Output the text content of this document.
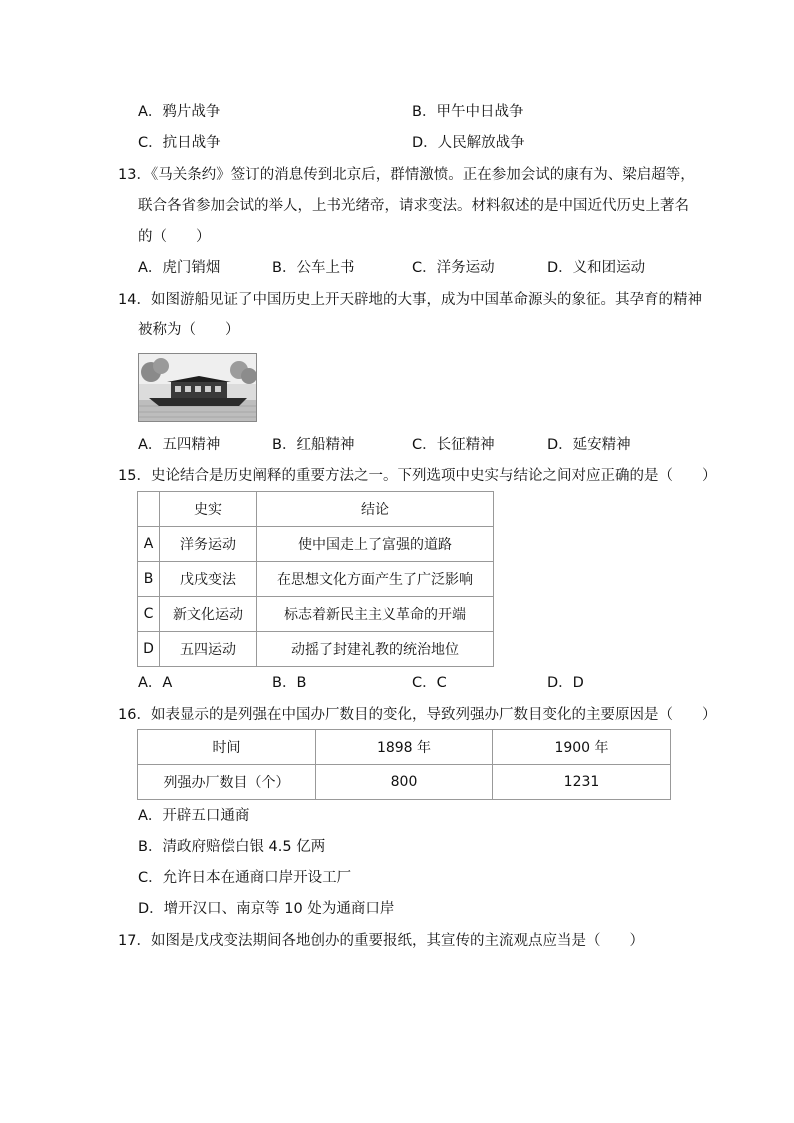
A．鸦片战争	B．甲午中日战争
C．抗日战争	D．人民解放战争
13．《马关条约》签订的消息传到北京后，群情激愤。正在参加会试的康有为、梁启超等，
联合各省参加会试的举人，上书光绪帝，请求变法。材料叙述的是中国近代历史上著名
的（　　）
A．虎门销烟	B．公车上书	C．洋务运动	D．义和团运动
14．如图游船见证了中国历史上开天辟地的大事，成为中国革命源头的象征。其孕育的精神
被称为（　　）
A．五四精神	B．红船精神	C．长征精神	D．延安精神
15．史论结合是历史阐释的重要方法之一。下列选项中史实与结论之间对应正确的是（　　）
	史实	结论
A	洋务运动	使中国走上了富强的道路
B	戊戌变法	在思想文化方面产生了广泛影响
C	新文化运动	标志着新民主主义革命的开端
D	五四运动	动摇了封建礼教的统治地位
A．A	B．B	C．C	D．D
16．如表显示的是列强在中国办厂数目的变化，导致列强办厂数目变化的主要原因是（　　）
时间	1898 年	1900 年
列强办厂数目（个）	800	1231
A．开辟五口通商
B．清政府赔偿白银 4.5 亿两
C．允许日本在通商口岸开设工厂
D．增开汉口、南京等 10 处为通商口岸
17．如图是戊戌变法期间各地创办的重要报纸，其宣传的主流观点应当是（　　）
